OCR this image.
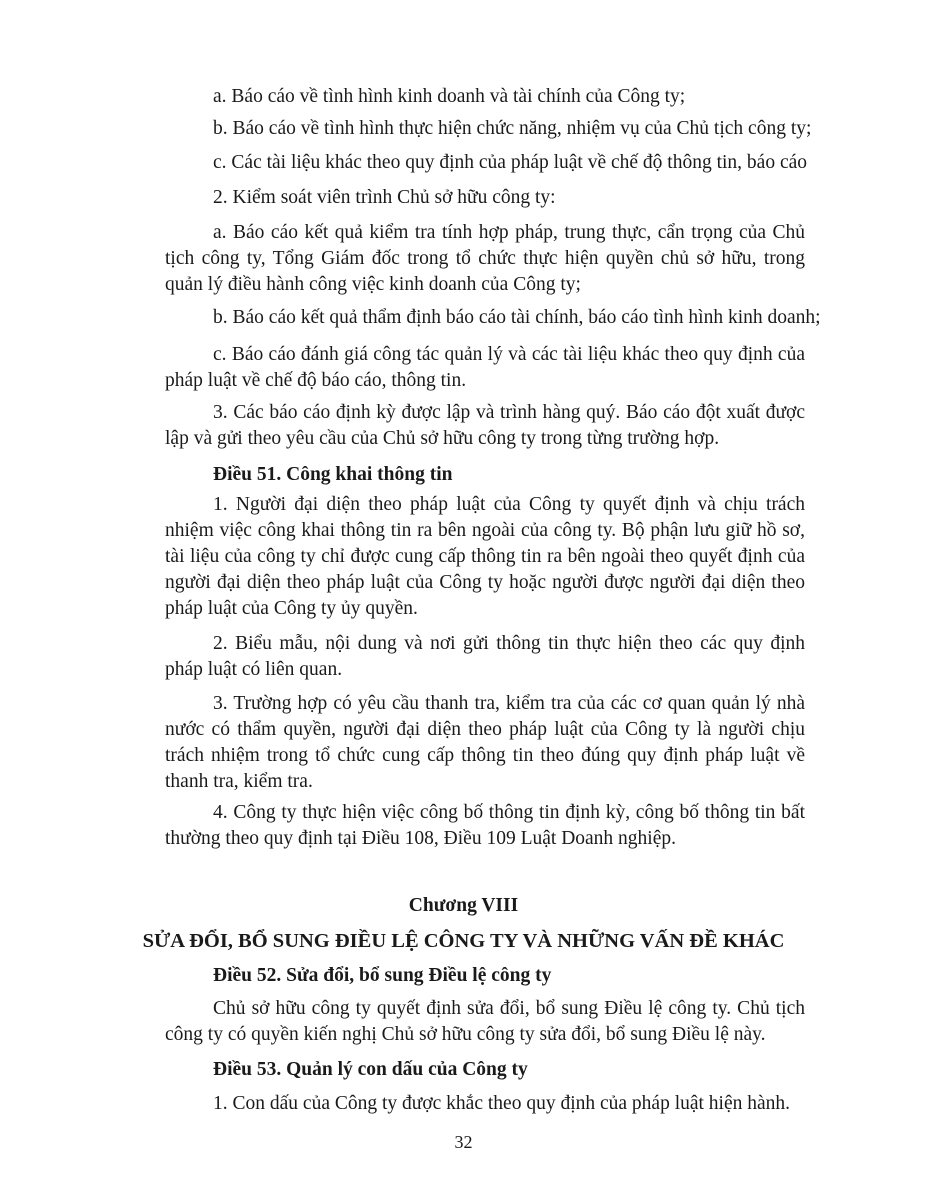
a. Báo cáo về tình hình kinh doanh và tài chính của Công ty;
b. Báo cáo về tình hình thực hiện chức năng, nhiệm vụ của Chủ tịch công ty;
c. Các tài liệu khác theo quy định của pháp luật về chế độ thông tin, báo cáo
2. Kiểm soát viên trình Chủ sở hữu công ty:
a. Báo cáo kết quả kiểm tra tính hợp pháp, trung thực, cẩn trọng của Chủ tịch công ty, Tổng Giám đốc trong tổ chức thực hiện quyền chủ sở hữu, trong quản lý điều hành công việc kinh doanh của Công ty;
b. Báo cáo kết quả thẩm định báo cáo tài chính, báo cáo tình hình kinh doanh;
c. Báo cáo đánh giá công tác quản lý và các tài liệu khác theo quy định của pháp luật về chế độ báo cáo, thông tin.
3. Các báo cáo định kỳ được lập và trình hàng quý. Báo cáo đột xuất được lập và gửi theo yêu cầu của Chủ sở hữu công ty trong từng trường hợp.
Điều 51. Công khai thông tin
1. Người đại diện theo pháp luật của Công ty quyết định và chịu trách nhiệm việc công khai thông tin ra bên ngoài của công ty. Bộ phận lưu giữ hồ sơ, tài liệu của công ty chỉ được cung cấp thông tin ra bên ngoài theo quyết định của người đại diện theo pháp luật của Công ty hoặc người được người đại diện theo pháp luật của Công ty ủy quyền.
2. Biểu mẫu, nội dung và nơi gửi thông tin thực hiện theo các quy định pháp luật có liên quan.
3. Trường hợp có yêu cầu thanh tra, kiểm tra của các cơ quan quản lý nhà nước có thẩm quyền, người đại diện theo pháp luật của Công ty là người chịu trách nhiệm trong tổ chức cung cấp thông tin theo đúng quy định pháp luật về thanh tra, kiểm tra.
4. Công ty thực hiện việc công bố thông tin định kỳ, công bố thông tin bất thường theo quy định tại Điều 108, Điều 109 Luật Doanh nghiệp.
Chương VIII
SỬA ĐỔI, BỔ SUNG ĐIỀU LỆ CÔNG TY VÀ NHỮNG VẤN ĐỀ KHÁC
Điều 52. Sửa đổi, bổ sung Điều lệ công ty
Chủ sở hữu công ty quyết định sửa đổi, bổ sung Điều lệ công ty. Chủ tịch công ty có quyền kiến nghị Chủ sở hữu công ty sửa đổi, bổ sung Điều lệ này.
Điều 53. Quản lý con dấu của Công ty
1. Con dấu của Công ty được khắc theo quy định của pháp luật hiện hành.
32
